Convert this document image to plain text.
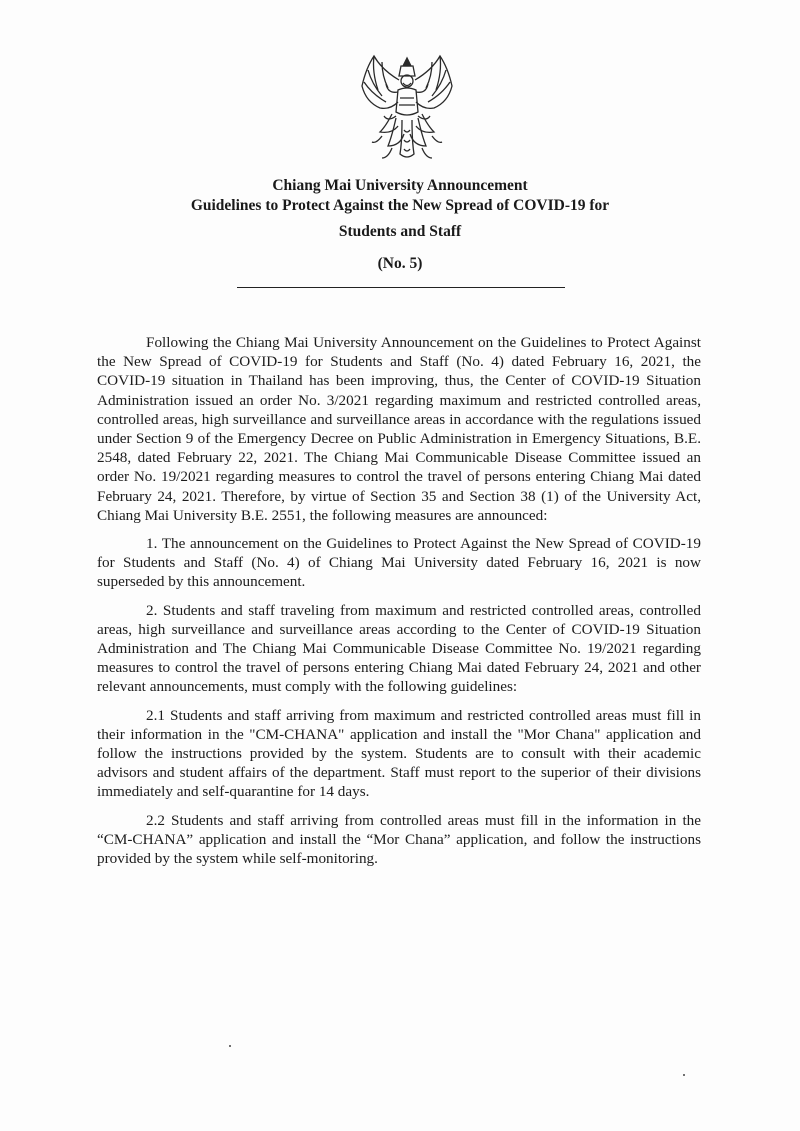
Chiang Mai University Announcement
Guidelines to Protect Against the New Spread of COVID-19 for
Students and Staff
(No. 5)

Following the Chiang Mai University Announcement on the Guidelines to Protect Against the New Spread of COVID-19 for Students and Staff (No. 4) dated February 16, 2021, the COVID-19 situation in Thailand has been improving, thus, the Center of COVID-19 Situation Administration issued an order No. 3/2021 regarding maximum and restricted controlled areas, controlled areas, high surveillance and surveillance areas in accordance with the regulations issued under Section 9 of the Emergency Decree on Public Administration in Emergency Situations, B.E. 2548, dated February 22, 2021. The Chiang Mai Communicable Disease Committee issued an order No. 19/2021 regarding measures to control the travel of persons entering Chiang Mai dated February 24, 2021. Therefore, by virtue of Section 35 and Section 38 (1) of the University Act, Chiang Mai University B.E. 2551, the following measures are announced:

1. The announcement on the Guidelines to Protect Against the New Spread of COVID-19 for Students and Staff (No. 4) of Chiang Mai University dated February 16, 2021 is now superseded by this announcement.

2. Students and staff traveling from maximum and restricted controlled areas, controlled areas, high surveillance and surveillance areas according to the Center of COVID-19 Situation Administration and The Chiang Mai Communicable Disease Committee No. 19/2021 regarding measures to control the travel of persons entering Chiang Mai dated February 24, 2021 and other relevant announcements, must comply with the following guidelines:

2.1 Students and staff arriving from maximum and restricted controlled areas must fill in their information in the "CM-CHANA" application and install the "Mor Chana" application and follow the instructions provided by the system. Students are to consult with their academic advisors and student affairs of the department. Staff must report to the superior of their divisions immediately and self-quarantine for 14 days.

2.2 Students and staff arriving from controlled areas must fill in the information in the “CM-CHANA” application and install the “Mor Chana” application, and follow the instructions provided by the system while self-monitoring.
